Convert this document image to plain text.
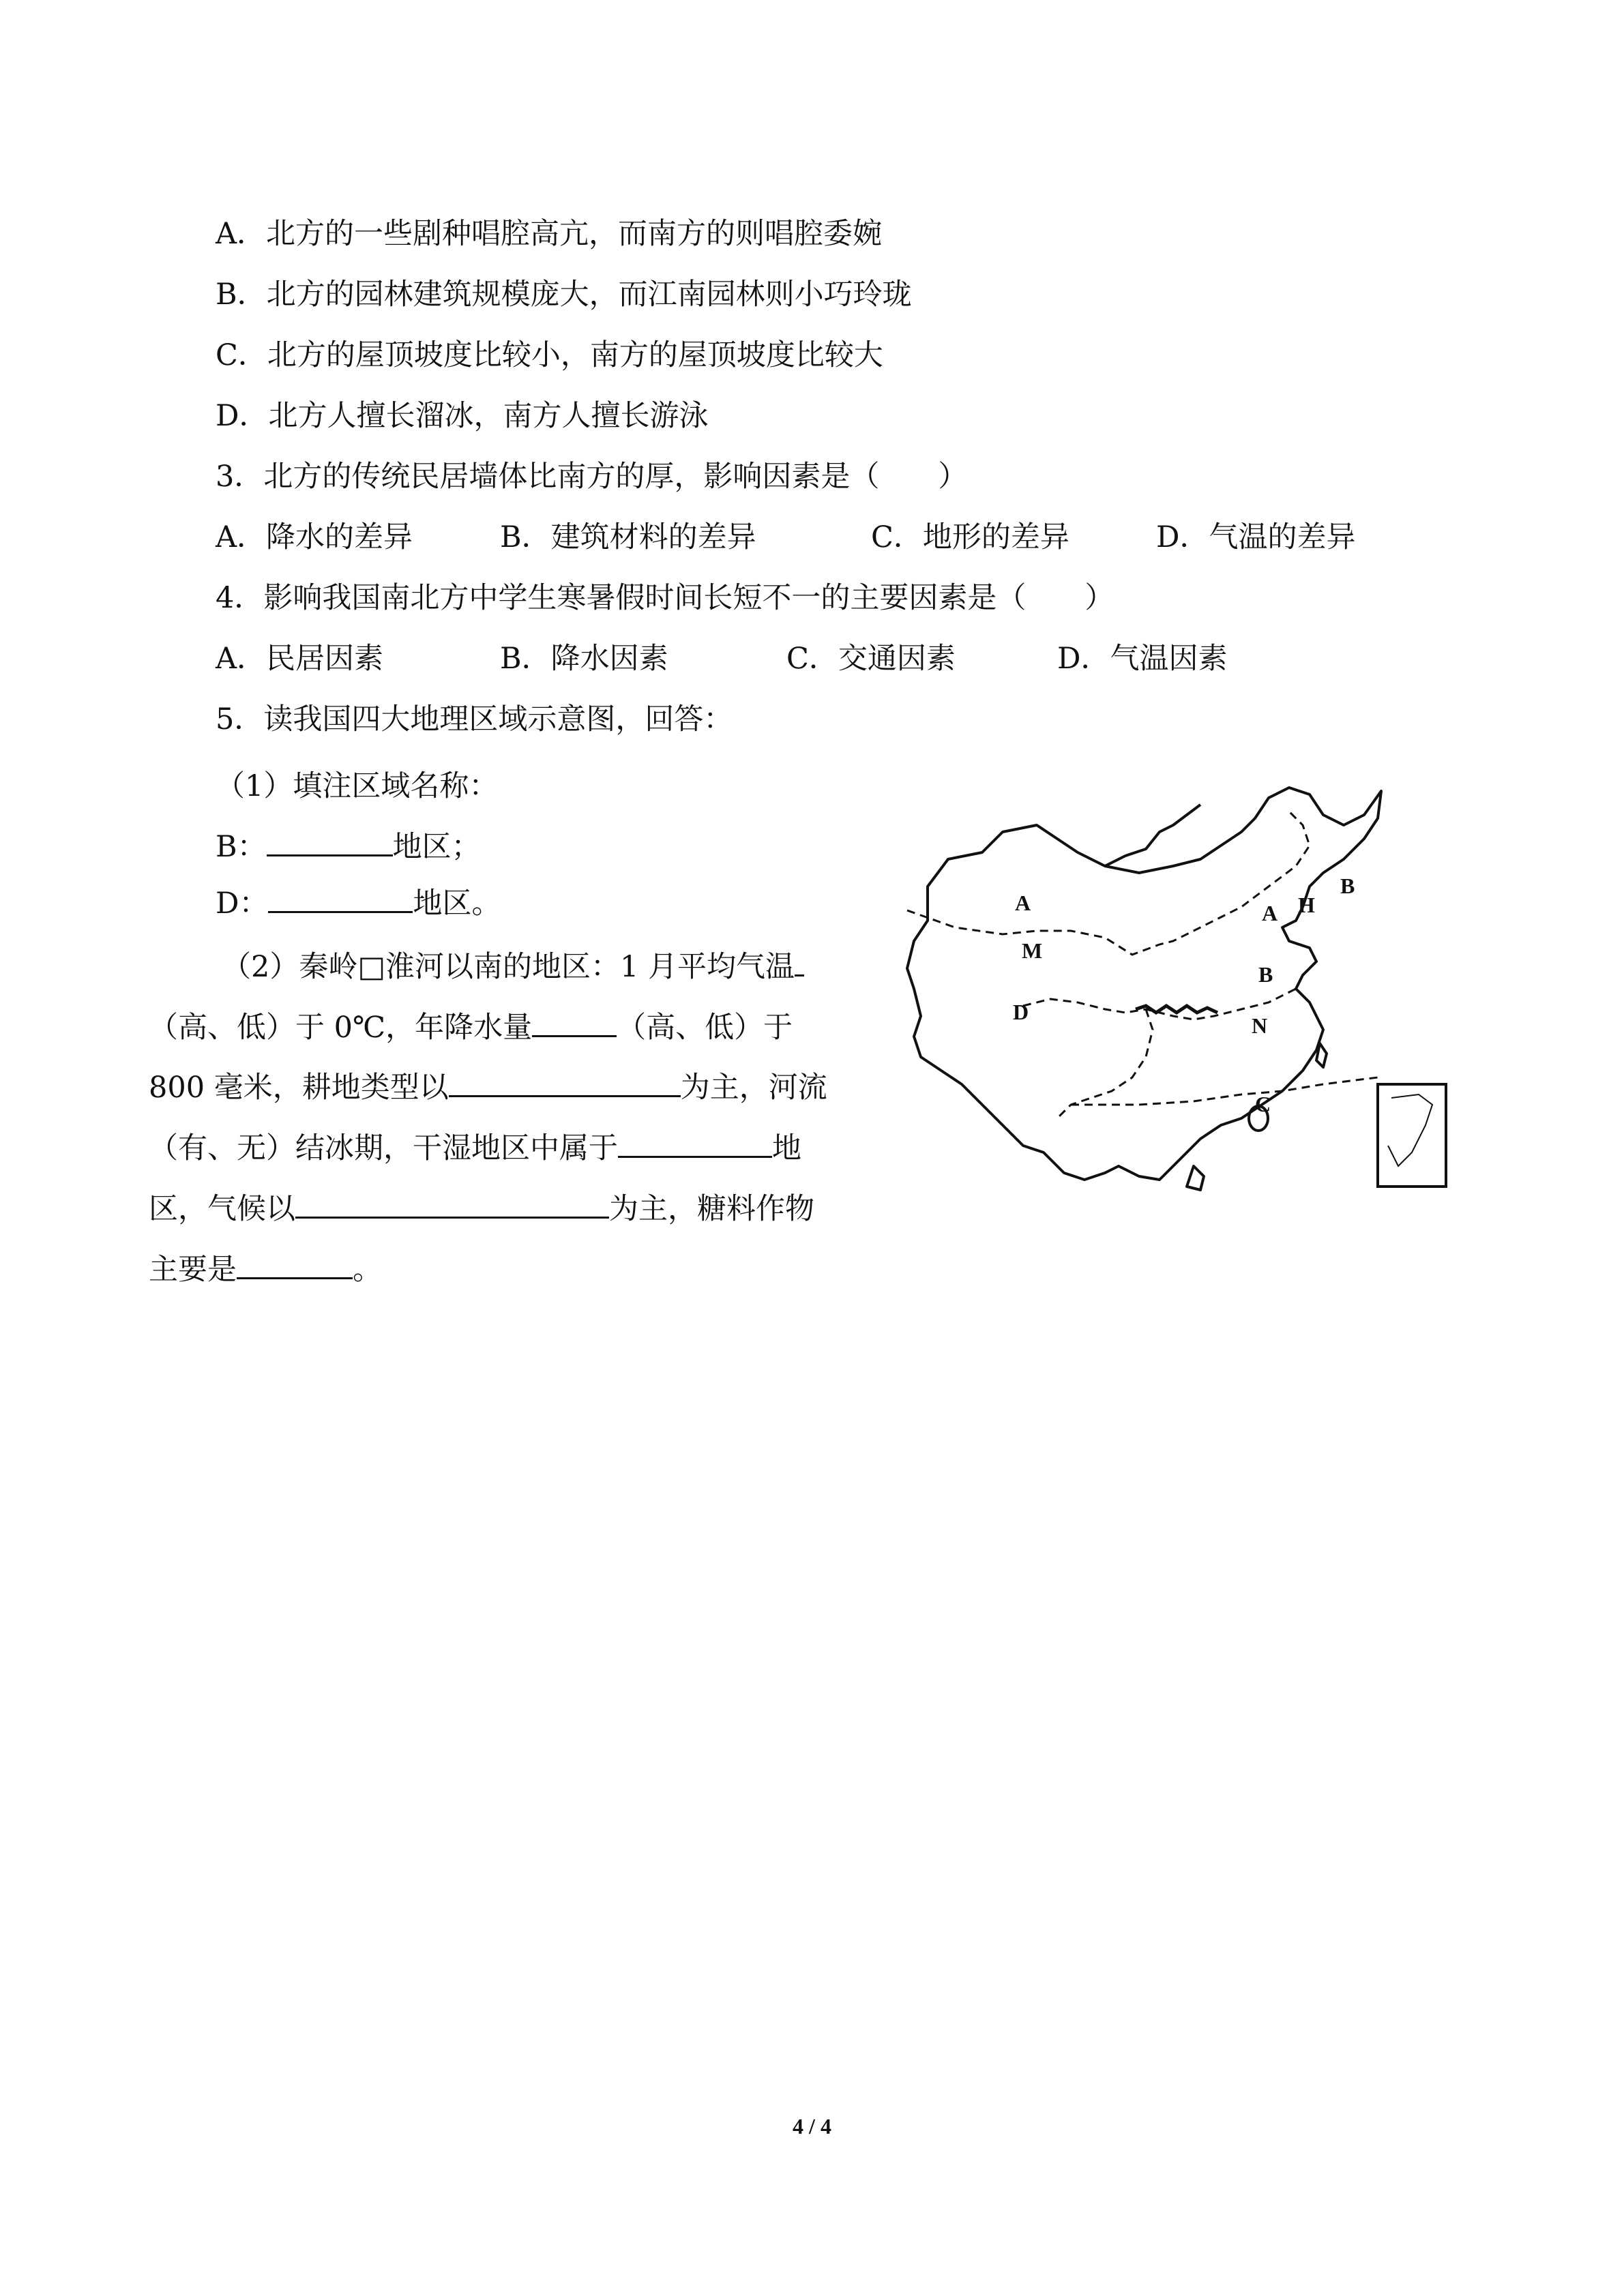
A．北方的一些剧种唱腔高亢，而南方的则唱腔委婉
B．北方的园林建筑规模庞大，而江南园林则小巧玲珑
C．北方的屋顶坡度比较小，南方的屋顶坡度比较大
D．北方人擅长溜冰，南方人擅长游泳
3．北方的传统民居墙体比南方的厚，影响因素是（　　）
A．降水的差异	B．建筑材料的差异	C．地形的差异	D．气温的差异
4．影响我国南北方中学生寒暑假时间长短不一的主要因素是（　　）
A．民居因素	B．降水因素	C．交通因素	D．气温因素
5．读我国四大地理区域示意图，回答：
（1）填注区域名称：
B：	地区；
D：	地区。
（2）秦岭□淮河以南的地区：1 月平均气温
（高、低）于 0℃，年降水量	（高、低）于
800 毫米，耕地类型以	为主，河流
（有、无）结冰期，干湿地区中属于	地
区，气候以	为主，糖料作物
主要是	。
A
M
D
A H
B
B
N
C
4 / 4
